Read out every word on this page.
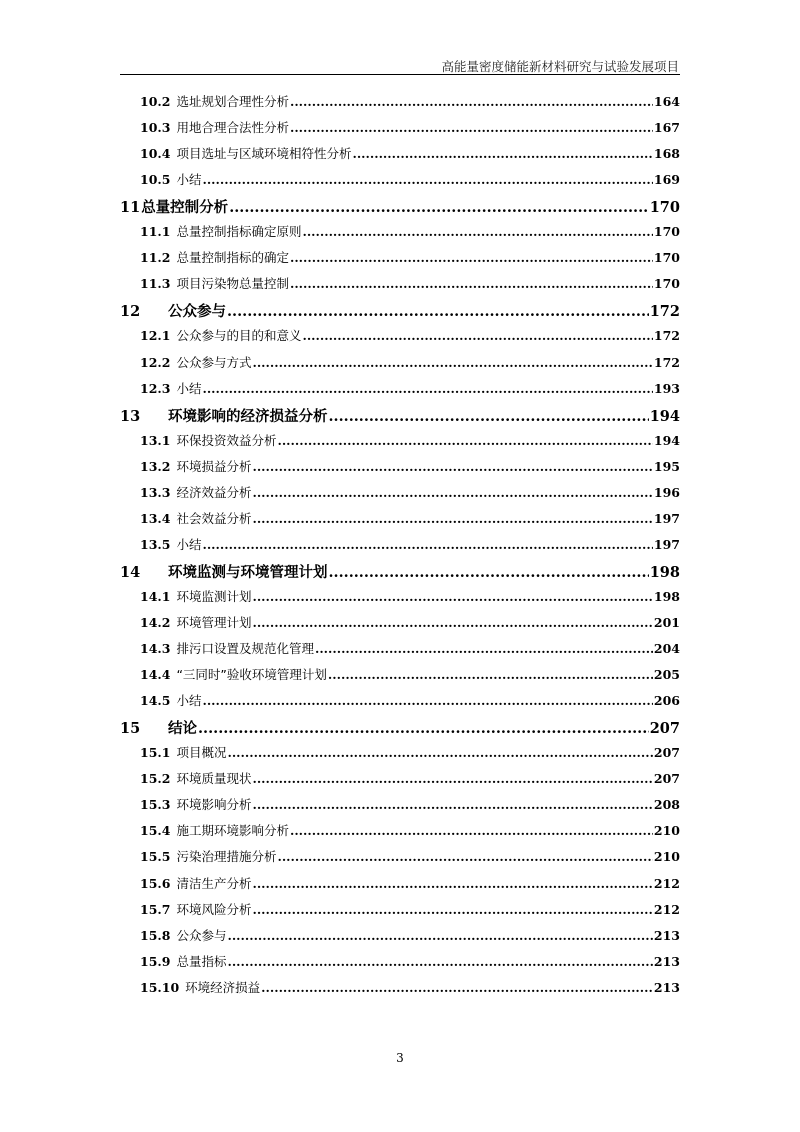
高能量密度储能新材料研究与试验发展项目
10.2 选址规划合理性分析 .....	164
10.3 用地合理合法性分析 .....	167
10.4 项目选址与区域环境相符性分析 .....	168
10.5 小结 .....	169
11 总量控制分析 .....	170
11.1 总量控制指标确定原则 .....	170
11.2 总量控制指标的确定 .....	170
11.3 项目污染物总量控制 .....	170
12	公众参与 .....	172
12.1 公众参与的目的和意义 .....	172
12.2 公众参与方式 .....	172
12.3 小结 .....	193
13	环境影响的经济损益分析 .....	194
13.1 环保投资效益分析 .....	194
13.2 环境损益分析 .....	195
13.3 经济效益分析 .....	196
13.4 社会效益分析 .....	197
13.5 小结 .....	197
14	环境监测与环境管理计划 .....	198
14.1 环境监测计划 .....	198
14.2 环境管理计划 .....	201
14.3 排污口设置及规范化管理 .....	204
14.4 “三同时”验收环境管理计划 .....	205
14.5 小结 .....	206
15	结论 .....	207
15.1 项目概况 .....	207
15.2 环境质量现状 .....	207
15.3 环境影响分析 .....	208
15.4 施工期环境影响分析 .....	210
15.5 污染治理措施分析 .....	210
15.6 清洁生产分析 .....	212
15.7 环境风险分析 .....	212
15.8 公众参与 .....	213
15.9 总量指标 .....	213
15.10 环境经济损益 .....	213
3
